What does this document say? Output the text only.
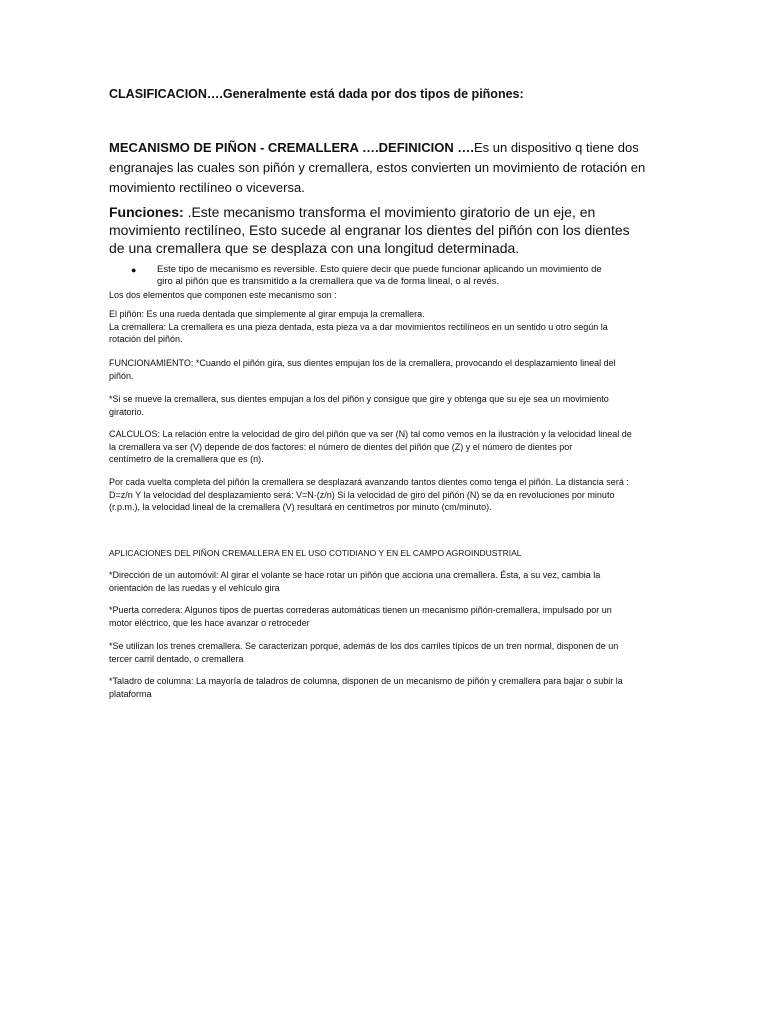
CLASIFICACION….Generalmente está dada por dos tipos de piñones:

MECANISMO DE PIÑON - CREMALLERA ….DEFINICION ….Es un dispositivo q tiene dos
engranajes las cuales son piñón y cremallera, estos convierten un movimiento de rotación en
movimiento rectilíneo o viceversa.
Funciones: .Este mecanismo transforma el movimiento giratorio de un eje, en
movimiento rectilíneo, Esto sucede al engranar los dientes del piñón con los dientes
de una cremallera que se desplaza con una longitud determinada.
●	Este tipo de mecanismo es reversible. Esto quiere decir que puede funcionar aplicando un movimiento de
giro al piñón que es transmitido a la cremallera que va de forma lineal, o al revés.

Los dos elementos que componen este mecanismo son :

El piñón: Es una rueda dentada que simplemente al girar empuja la cremallera.
La cremallera: La cremallera es una pieza dentada, esta pieza va a dar movimientos rectilíneos en un sentido u otro según la
rotación del piñón.
FUNCIONAMIENTO: *Cuando el piñón gira, sus dientes empujan los de la cremallera, provocando el desplazamiento lineal del
piñón.
*Si se mueve la cremallera, sus dientes empujan a los del piñón y consigue que gire y obtenga que su eje sea un movimiento
giratorio.
CALCULOS: La relación entre la velocidad de giro del piñón que va ser (N) tal como vemos en la ilustración y la velocidad lineal de
la cremallera va ser (V) depende de dos factores: el número de dientes del piñón que (Z) y el número de dientes por
centímetro de la cremallera que es (n).
Por cada vuelta completa del piñón la cremallera se desplazará avanzando tantos dientes como tenga el piñón. La distancia será :
D=z/n Y la velocidad del desplazamiento será: V=N·(z/n) Si la velocidad de giro del piñón (N) se da en revoluciones por minuto
(r.p.m.), la velocidad lineal de la cremallera (V) resultará en centímetros por minuto (cm/minuto).

APLICACIONES DEL PIÑON CREMALLERA EN EL USO COTIDIANO Y EN EL CAMPO AGROINDUSTRIAL

*Dirección de un automóvil: Al girar el volante se hace rotar un piñón que acciona una cremallera. Ésta, a su vez, cambia la
orientación de las ruedas y el vehículo gira
*Puerta corredera: Algunos tipos de puertas correderas automáticas tienen un mecanismo piñón-cremallera, impulsado por un
motor eléctrico, que les hace avanzar o retroceder
*Se utilizan los trenes cremallera. Se caracterizan porque, además de los dos carriles típicos de un tren normal, disponen de un
tercer carril dentado, o cremallera
*Taladro de columna: La mayoría de taladros de columna, disponen de un mecanismo de piñón y cremallera para bajar o subir la
plataforma
